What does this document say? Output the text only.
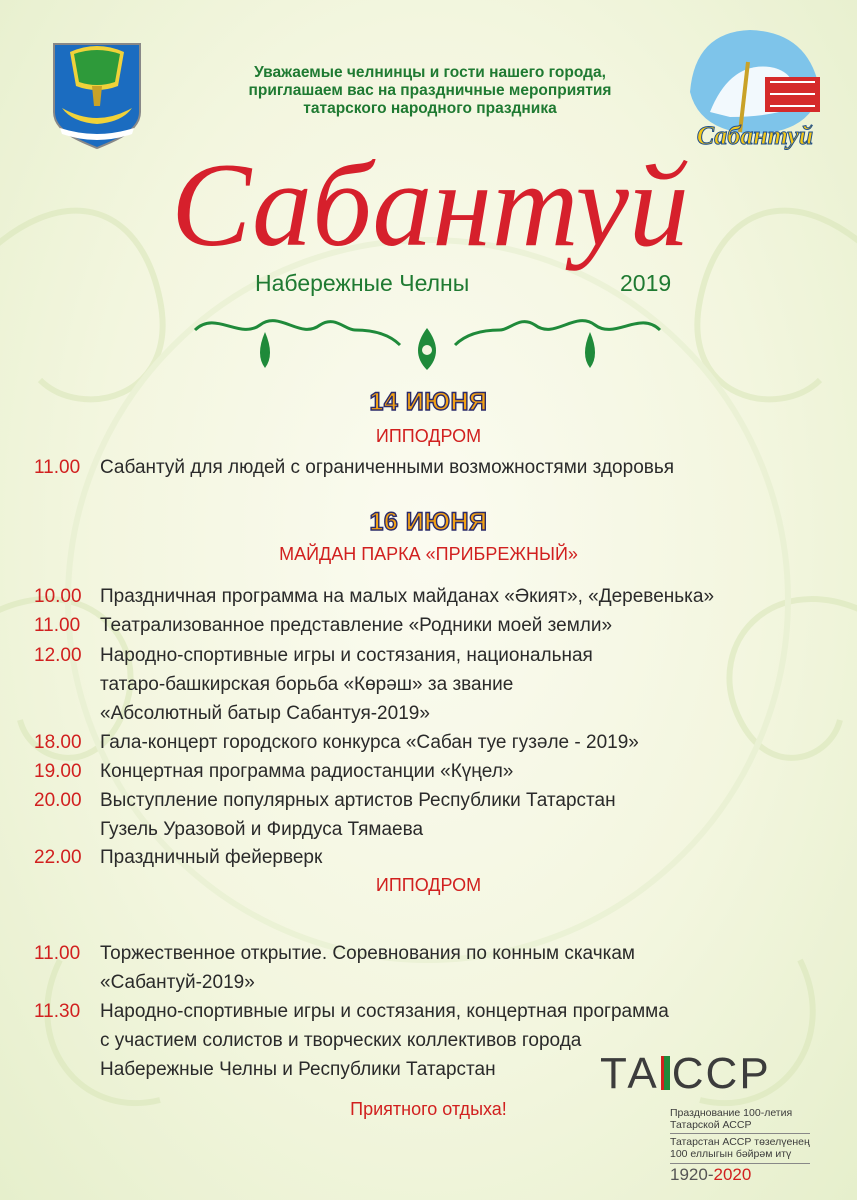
Уважаемые челнинцы и гости нашего города,
приглашаем вас на праздничные мероприятия
татарского народного праздника
Сабантуй
Сабантуй
Набережные Челны	2019
14 ИЮНЯ
ИППОДРОМ
11.00	Сабантуй для людей с ограниченными возможностями здоровья
16 ИЮНЯ
МАЙДАН ПАРКА «ПРИБРЕЖНЫЙ»
10.00 Праздничная программа на малых майданах «Әкият», «Деревенька»
11.00	Театрализованное представление «Родники моей земли»
12.00 Народно-спортивные игры и состязания, национальная
татаро-башкирская борьба «Көрәш» за звание
«Абсолютный батыр Сабантуя-2019»
18.00 Гала-концерт городского конкурса «Сабан туе гузәле - 2019»
19.00 Концертная программа радиостанции «Күңел»
20.00 Выступление популярных артистов Республики Татарстан
Гузель Уразовой и Фирдуса Тямаева
22.00 Праздничный фейерверк
ИППОДРОМ
11.00	Торжественное открытие. Соревнования по конным скачкам
«Сабантуй-2019»
11.30	Народно-спортивные игры и состязания, концертная программа
с участием солистов и творческих коллективов города
Набережные Челны и Республики Татарстан
Приятного отдыха!
ТА ССР
Празднование 100-летия
Татарской АССР
Татарстан АССР төзелүенең
100 еллыгын бәйрәм итү
1920-2020
